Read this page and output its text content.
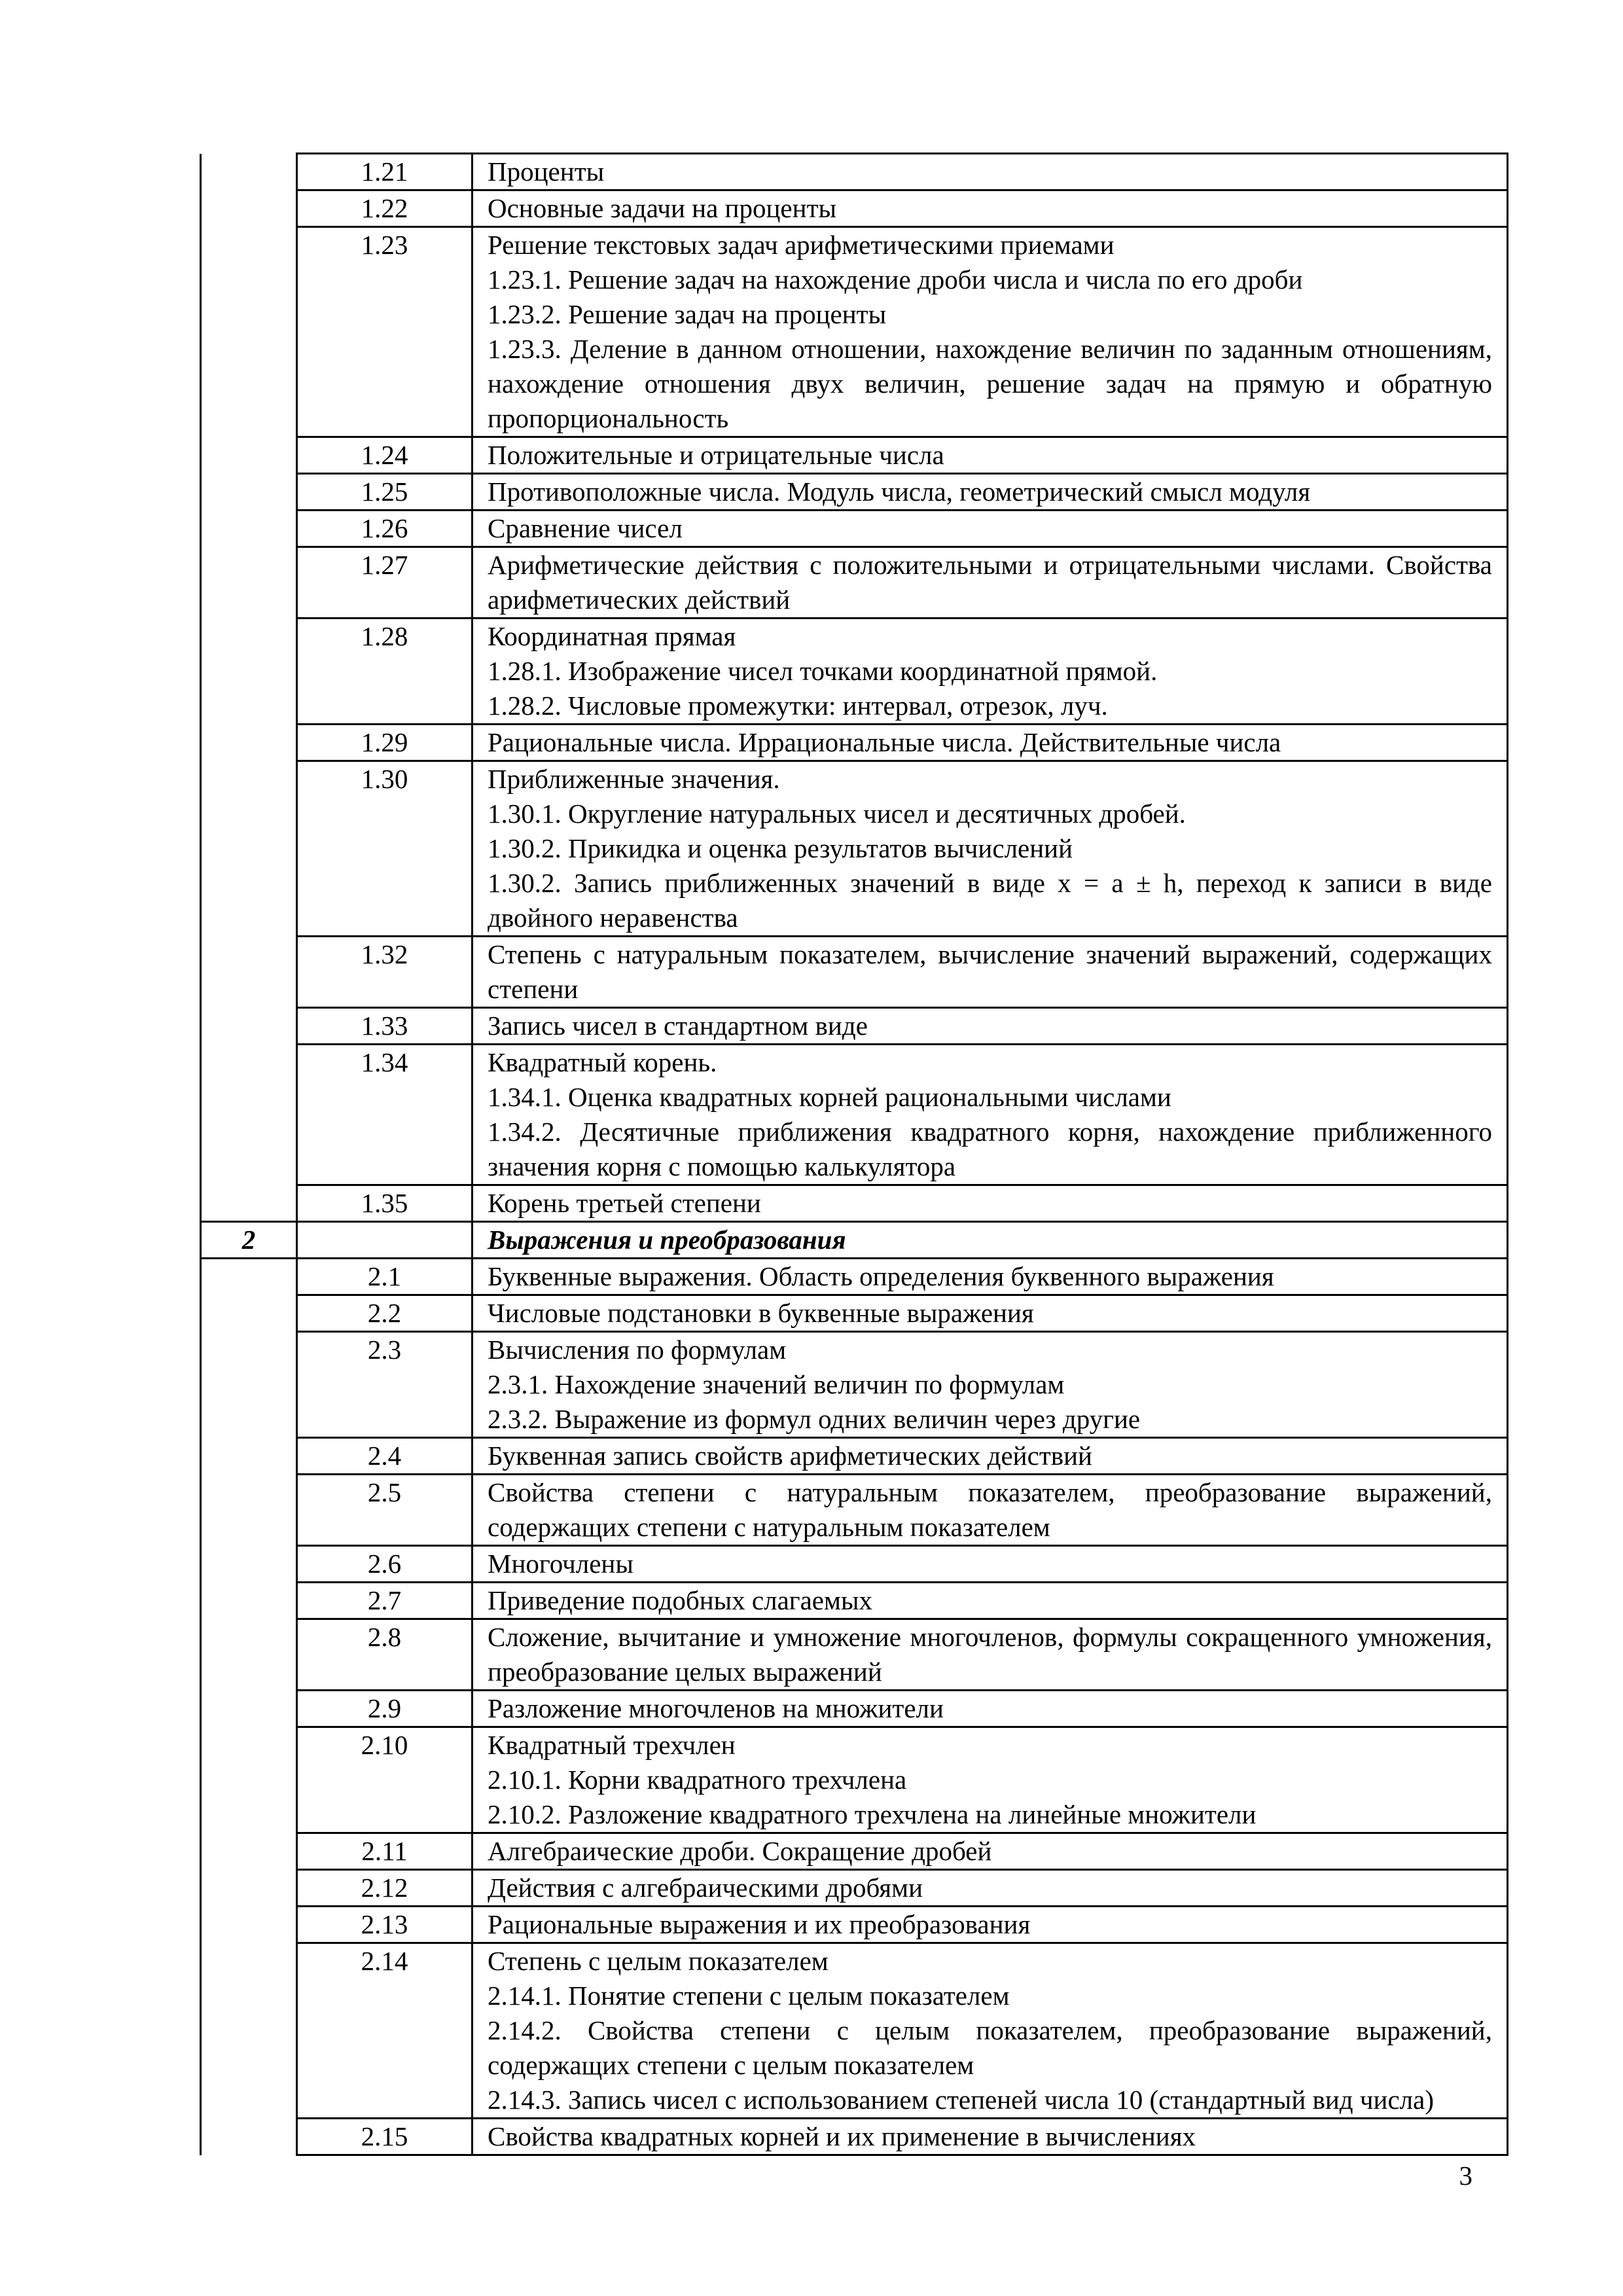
	1.21	Проценты
	1.22	Основные задачи на проценты
	1.23	Решение текстовых задач арифметическими приемами
1.23.1. Решение задач на нахождение дроби числа и числа по его дроби
1.23.2. Решение задач на проценты
1.23.3. Деление в данном отношении, нахождение величин по заданным отношениям, нахождение отношения двух величин, решение задач на прямую и обратную пропорциональность

	1.24	Положительные и отрицательные числа
	1.25	Противоположные числа. Модуль числа, геометрический смысл модуля
	1.26	Сравнение чисел
	1.27	Арифметические действия с положительными и отрицательными числами. Свойства арифметических действий
	1.28	Координатная прямая
1.28.1. Изображение чисел точками координатной прямой.
1.28.2. Числовые промежутки: интервал, отрезок, луч.

	1.29	Рациональные числа. Иррациональные числа. Действительные числа
	1.30	Приближенные значения.
1.30.1. Округление натуральных чисел и десятичных дробей.
1.30.2. Прикидка и оценка результатов вычислений
1.30.2. Запись приближенных значений в виде x = a ± h, переход к записи в виде двойного неравенства

	1.32	Степень с натуральным показателем, вычисление значений выражений, содержащих степени
	1.33	Запись чисел в стандартном виде
	1.34	Квадратный корень.
1.34.1. Оценка квадратных корней рациональными числами
1.34.2. Десятичные приближения квадратного корня, нахождение приближенного значения корня с помощью калькулятора

	1.35	Корень третьей степени
2		Выражения и преобразования
	2.1	Буквенные выражения. Область определения буквенного выражения
	2.2	Числовые подстановки в буквенные выражения
	2.3	Вычисления по формулам
2.3.1. Нахождение значений величин по формулам
2.3.2. Выражение из формул одних величин через другие

	2.4	Буквенная запись свойств арифметических действий
	2.5	Свойства степени с натуральным показателем, преобразование выражений, содержащих степени с натуральным показателем
	2.6	Многочлены
	2.7	Приведение подобных слагаемых
	2.8	Сложение, вычитание и умножение многочленов, формулы сокращенного умножения, преобразование целых выражений
	2.9	Разложение многочленов на множители
	2.10	Квадратный трехчлен
2.10.1. Корни квадратного трехчлена
2.10.2. Разложение квадратного трехчлена на линейные множители

	2.11	Алгебраические дроби. Сокращение дробей
	2.12	Действия с алгебраическими дробями
	2.13	Рациональные выражения и их преобразования
	2.14	Степень с целым показателем
2.14.1. Понятие степени с целым показателем
2.14.2. Свойства степени с целым показателем, преобразование выражений, содержащих степени с целым показателем
2.14.3. Запись чисел с использованием степеней числа 10 (стандартный вид числа)

	2.15	Свойства квадратных корней и их применение в вычислениях
3
